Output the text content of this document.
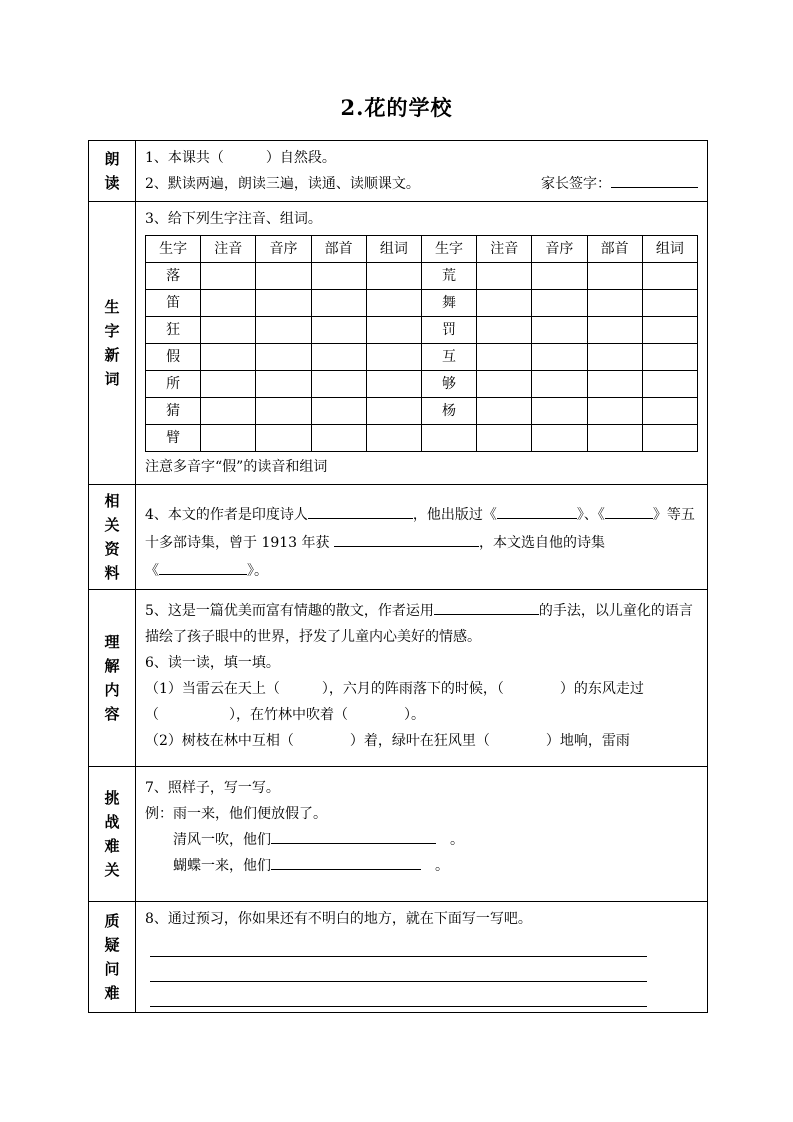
2.花的学校
朗读
1、本课共（　　　）自然段。
2、默读两遍，朗读三遍，读通、读顺课文。	家长签字：
生字新词
3、给下列生字注音、组词。
生字	注音	音序	部首	组词	生字	注音	音序	部首	组词
落					荒				
笛					舞				
狂					罚				
假					互				
所					够				
猜					杨				
臂									
注意多音字“假”的读音和组词
相关资料
4、本文的作者是印度诗人	，他出版过《	》、《	》等五十多部诗集，曾于 1913 年获	，本文选自他的诗集
《	》。
理解内容
5、这是一篇优美而富有情趣的散文，作者运用	的手法，以儿童化的语言描绘了孩子眼中的世界，抒发了儿童内心美好的情感。
6、读一读，填一填。
（1）当雷云在天上（　　　），六月的阵雨落下的时候，（　　　　）的东风走过（　　　　　），在竹林中吹着（　　　　）。
（2）树枝在林中互相（　　　　）着，绿叶在狂风里（　　　　）地响，雷雨
挑战难关
7、照样子，写一写。
例：雨一来，他们便放假了。
清风一吹，他们　	。
蝴蝶一来，他们　	。
质疑问难
8、通过预习，你如果还有不明白的地方，就在下面写一写吧。
